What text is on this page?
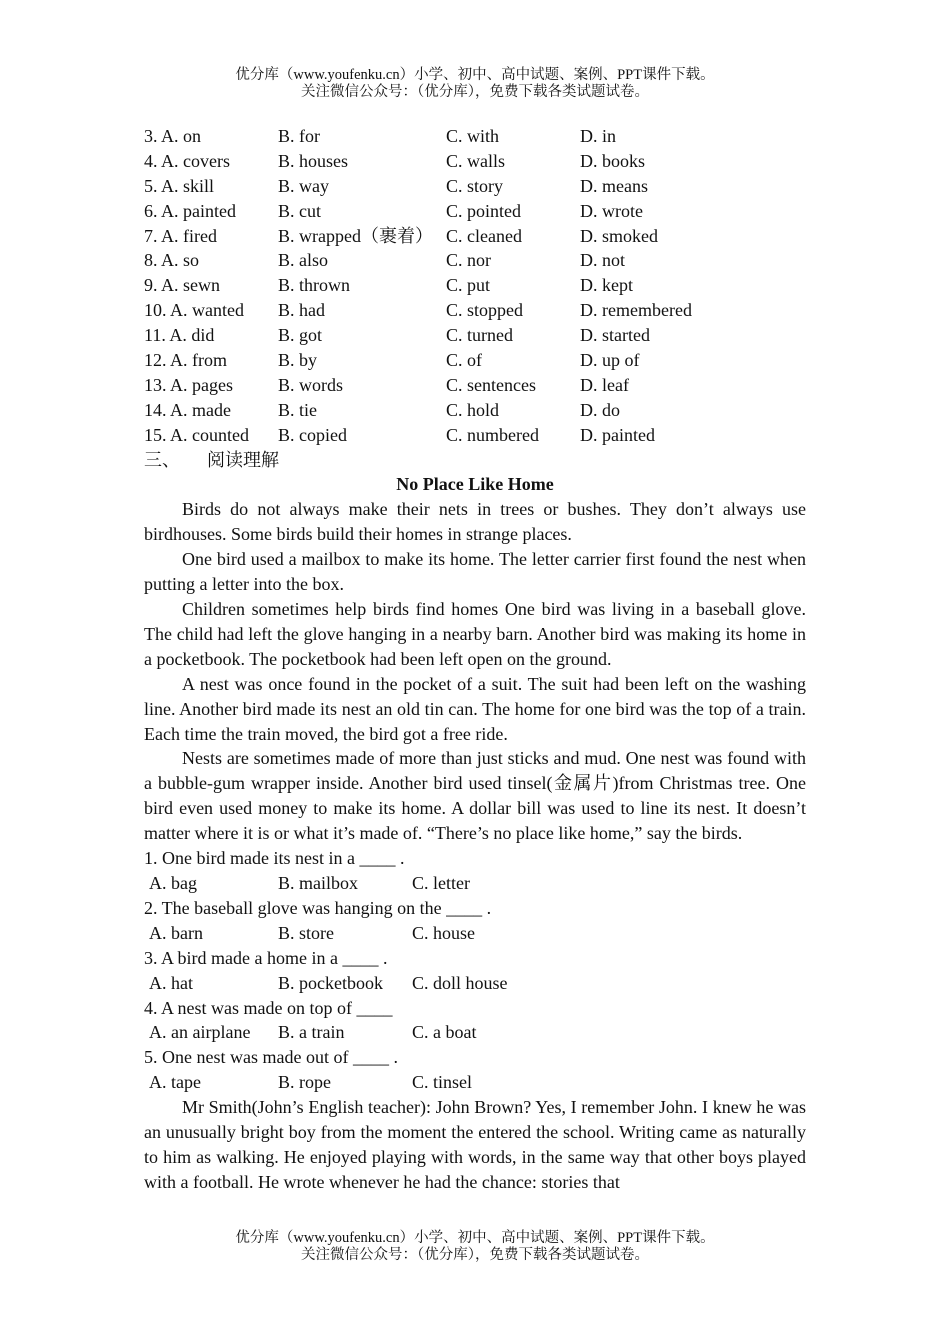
优分库（www.youfenku.cn）小学、初中、高中试题、案例、PPT课件下载。
关注微信公众号：（优分库），免费下载各类试题试卷。
3. A. on	B. for	C. with	D. in
4. A. covers	B. houses	C. walls	D. books
5. A. skill	B. way	C. story	D. means
6. A. painted	B. cut	C. pointed	D. wrote
7. A. fired	B. wrapped（裹着） C. cleaned	D. smoked
8. A. so	B. also	C. nor	D. not
9. A. sewn	B. thrown	C. put	D. kept
10. A. wanted	B. had	C. stopped	D. remembered
11. A. did	B. got	C. turned	D. started
12. A. from	B. by	C. of	D. up of
13. A. pages	B. words	C. sentences	D. leaf
14. A. made	B. tie	C. hold	D. do
15. A. counted	B. copied	C. numbered	D. painted
三、      阅读理解
No Place Like Home
Birds do not always make their nets in trees or bushes. They don’t always use birdhouses. Some birds build their homes in strange places.
One bird used a mailbox to make its home. The letter carrier first found the nest when putting a letter into the box.
Children sometimes help birds find homes One bird was living in a baseball glove. The child had left the glove hanging in a nearby barn. Another bird was making its home in a pocketbook. The pocketbook had been left open on the ground.
A nest was once found in the pocket of a suit. The suit had been left on the washing line. Another bird made its nest an old tin can. The home for one bird was the top of a train. Each time the train moved, the bird got a free ride.
Nests are sometimes made of more than just sticks and mud. One nest was found with a bubble-gum wrapper inside. Another bird used tinsel(金属片)from Christmas tree. One bird even used money to make its home. A dollar bill was used to line its nest. It doesn’t matter where it is or what it’s made of. “There’s no place like home,” say the birds.
1. One bird made its nest in a ____ .
A. bag	B. mailbox	C. letter
2. The baseball glove was hanging on the ____ .
A. barn	B. store	C. house
3. A bird made a home in a ____ .
A. hat	B. pocketbook	C. doll house
4. A nest was made on top of ____
A. an airplane	B. a train	C. a boat
5. One nest was made out of ____ .
A. tape	B. rope	C. tinsel
Mr Smith(John’s English teacher): John Brown? Yes, I remember John. I knew he was an unusually bright boy from the moment the entered the school. Writing came as naturally to him as walking. He enjoyed playing with words, in the same way that other boys played with a football. He wrote whenever he had the chance: stories that
优分库（www.youfenku.cn）小学、初中、高中试题、案例、PPT课件下载。
关注微信公众号：（优分库），免费下载各类试题试卷。
